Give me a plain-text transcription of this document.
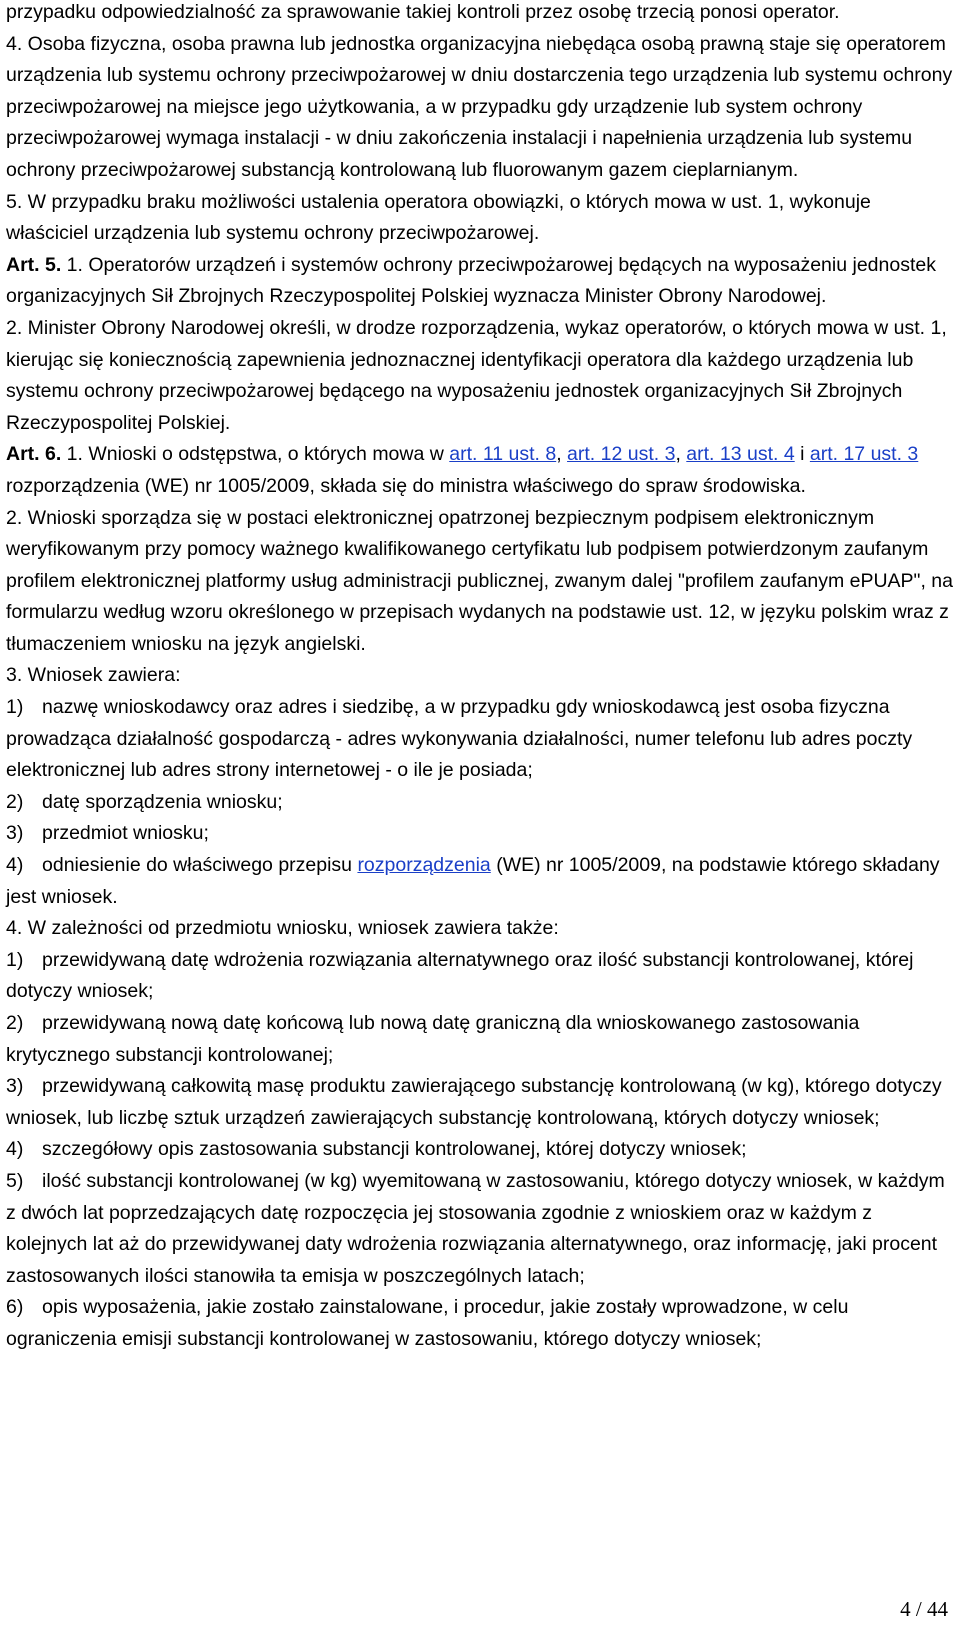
przypadku odpowiedzialność za sprawowanie takiej kontroli przez osobę trzecią ponosi operator.
4. Osoba fizyczna, osoba prawna lub jednostka organizacyjna niebędąca osobą prawną staje się operatorem urządzenia lub systemu ochrony przeciwpożarowej w dniu dostarczenia tego urządzenia lub systemu ochrony przeciwpożarowej na miejsce jego użytkowania, a w przypadku gdy urządzenie lub system ochrony przeciwpożarowej wymaga instalacji - w dniu zakończenia instalacji i napełnienia urządzenia lub systemu ochrony przeciwpożarowej substancją kontrolowaną lub fluorowanym gazem cieplarnianym.
5. W przypadku braku możliwości ustalenia operatora obowiązki, o których mowa w ust. 1, wykonuje właściciel urządzenia lub systemu ochrony przeciwpożarowej.
Art. 5. 1. Operatorów urządzeń i systemów ochrony przeciwpożarowej będących na wyposażeniu jednostek organizacyjnych Sił Zbrojnych Rzeczypospolitej Polskiej wyznacza Minister Obrony Narodowej.
2. Minister Obrony Narodowej określi, w drodze rozporządzenia, wykaz operatorów, o których mowa w ust. 1, kierując się koniecznością zapewnienia jednoznacznej identyfikacji operatora dla każdego urządzenia lub systemu ochrony przeciwpożarowej będącego na wyposażeniu jednostek organizacyjnych Sił Zbrojnych Rzeczypospolitej Polskiej.
Art. 6. 1. Wnioski o odstępstwa, o których mowa w art. 11 ust. 8, art. 12 ust. 3, art. 13 ust. 4 i art. 17 ust. 3 rozporządzenia (WE) nr 1005/2009, składa się do ministra właściwego do spraw środowiska.
2. Wnioski sporządza się w postaci elektronicznej opatrzonej bezpiecznym podpisem elektronicznym weryfikowanym przy pomocy ważnego kwalifikowanego certyfikatu lub podpisem potwierdzonym zaufanym profilem elektronicznej platformy usług administracji publicznej, zwanym dalej "profilem zaufanym ePUAP", na formularzu według wzoru określonego w przepisach wydanych na podstawie ust. 12, w języku polskim wraz z tłumaczeniem wniosku na język angielski.
3. Wniosek zawiera:
1) nazwę wnioskodawcy oraz adres i siedzibę, a w przypadku gdy wnioskodawcą jest osoba fizyczna prowadząca działalność gospodarczą - adres wykonywania działalności, numer telefonu lub adres poczty elektronicznej lub adres strony internetowej - o ile je posiada;
2) datę sporządzenia wniosku;
3) przedmiot wniosku;
4) odniesienie do właściwego przepisu rozporządzenia (WE) nr 1005/2009, na podstawie którego składany jest wniosek.
4. W zależności od przedmiotu wniosku, wniosek zawiera także:
1) przewidywaną datę wdrożenia rozwiązania alternatywnego oraz ilość substancji kontrolowanej, której dotyczy wniosek;
2) przewidywaną nową datę końcową lub nową datę graniczną dla wnioskowanego zastosowania krytycznego substancji kontrolowanej;
3) przewidywaną całkowitą masę produktu zawierającego substancję kontrolowaną (w kg), którego dotyczy wniosek, lub liczbę sztuk urządzeń zawierających substancję kontrolowaną, których dotyczy wniosek;
4) szczegółowy opis zastosowania substancji kontrolowanej, której dotyczy wniosek;
5) ilość substancji kontrolowanej (w kg) wyemitowaną w zastosowaniu, którego dotyczy wniosek, w każdym z dwóch lat poprzedzających datę rozpoczęcia jej stosowania zgodnie z wnioskiem oraz w każdym z kolejnych lat aż do przewidywanej daty wdrożenia rozwiązania alternatywnego, oraz informację, jaki procent zastosowanych ilości stanowiła ta emisja w poszczególnych latach;
6) opis wyposażenia, jakie zostało zainstalowane, i procedur, jakie zostały wprowadzone, w celu ograniczenia emisji substancji kontrolowanej w zastosowaniu, którego dotyczy wniosek;
4 / 44
